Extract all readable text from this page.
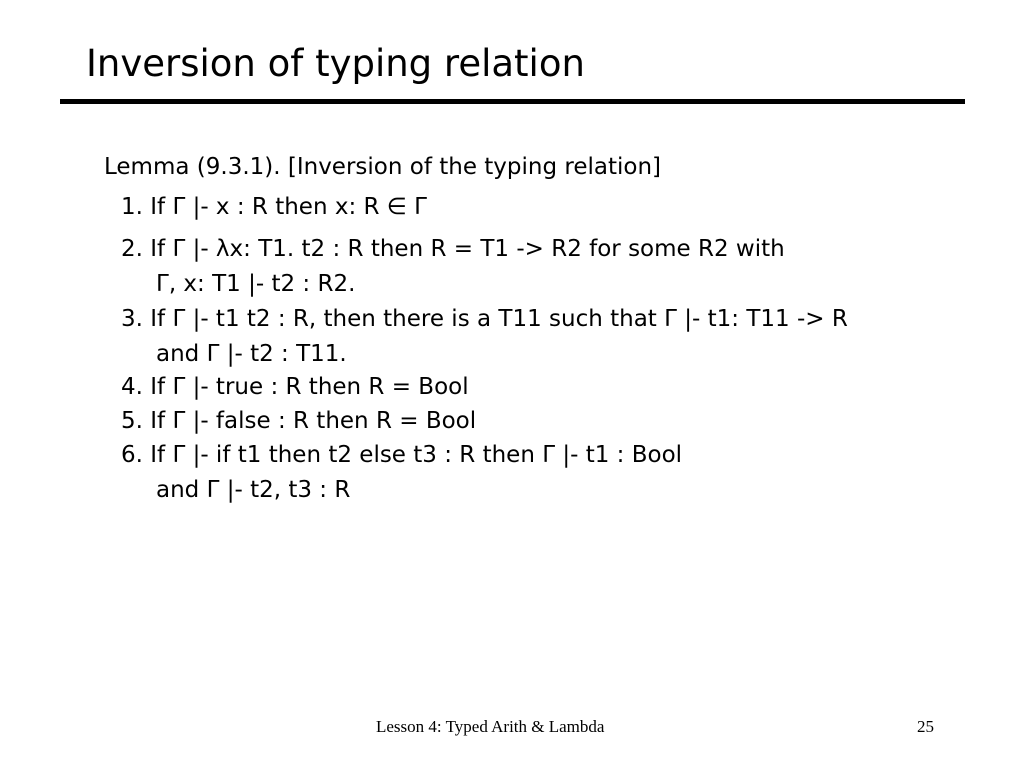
Inversion of typing relation
Lemma (9.3.1). [Inversion of the typing relation]
1. If Γ |- x : R then x: R ∈ Γ
2. If Γ |- λx: T1. t2 : R then R = T1 -> R2 for some R2 with
Γ, x: T1 |- t2 : R2.
3. If Γ |- t1 t2 : R, then there is a T11 such that Γ |- t1: T11 -> R
and Γ |- t2 : T11.
4. If Γ |- true : R then R = Bool
5. If Γ |- false : R then R = Bool
6. If Γ |- if t1 then t2 else t3 : R then Γ |- t1 : Bool
and Γ |- t2, t3 : R
Lesson 4: Typed Arith & Lambda	25
